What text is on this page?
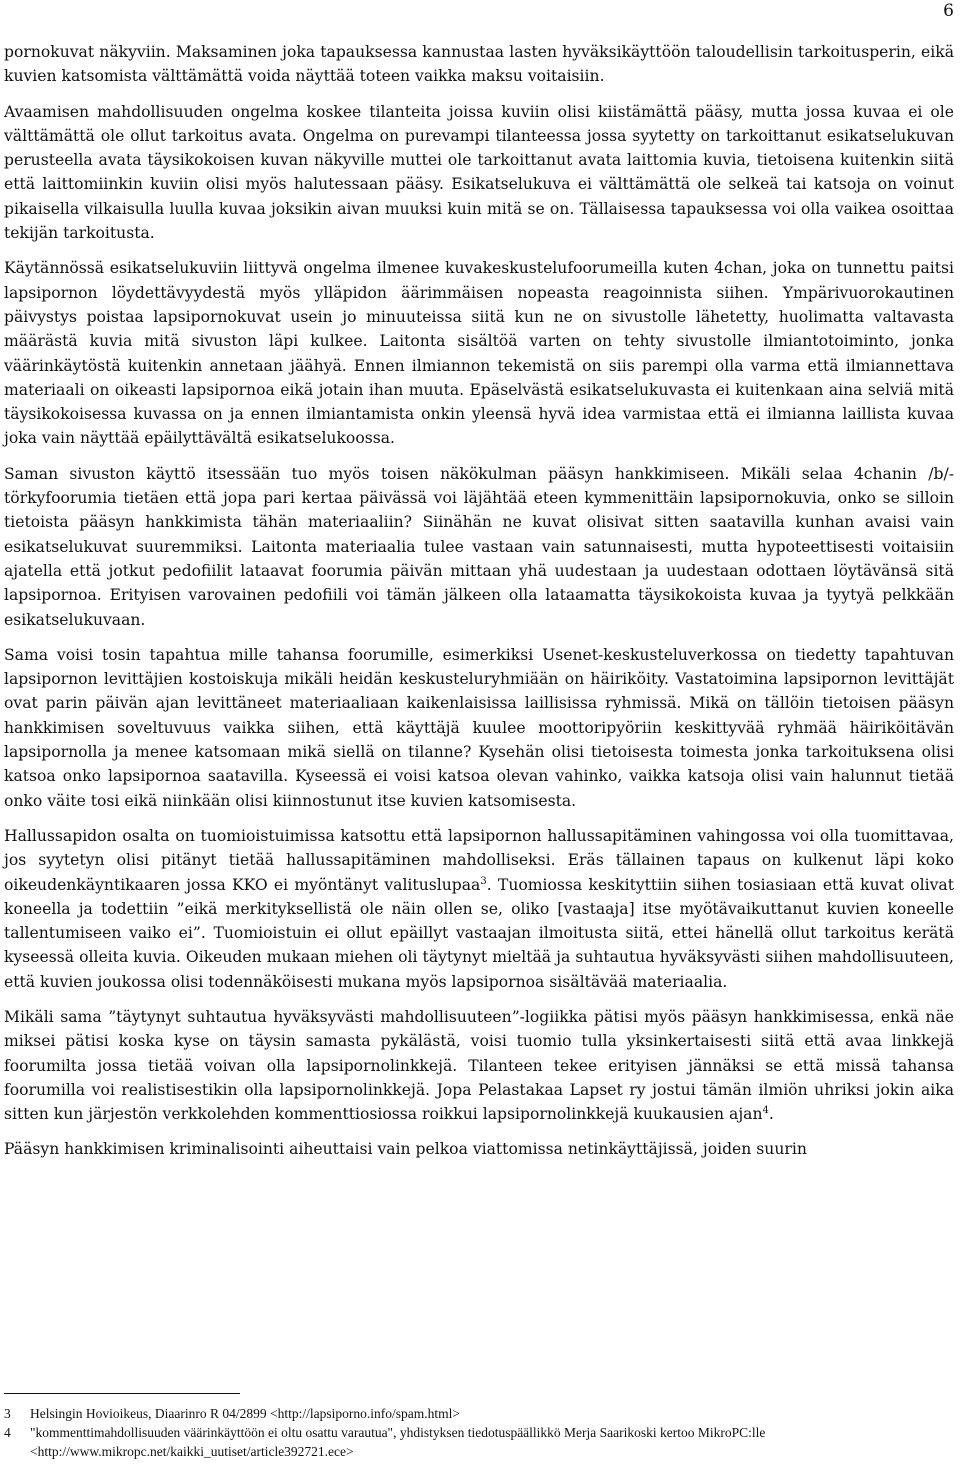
6

pornokuvat näkyviin. Maksaminen joka tapauksessa kannustaa lasten hyväksikäyttöön taloudellisin tarkoitusperin, eikä kuvien katsomista välttämättä voida näyttää toteen vaikka maksu voitaisiin.

Avaamisen mahdollisuuden ongelma koskee tilanteita joissa kuviin olisi kiistämättä pääsy, mutta jossa kuvaa ei ole välttämättä ole ollut tarkoitus avata. Ongelma on purevampi tilanteessa jossa syytetty on tarkoittanut esikatselukuvan perusteella avata täysikokoisen kuvan näkyville muttei ole tarkoittanut avata laittomia kuvia, tietoisena kuitenkin siitä että laittomiinkin kuviin olisi myös halutessaan pääsy. Esikatselukuva ei välttämättä ole selkeä tai katsoja on voinut pikaisella vilkaisulla luulla kuvaa joksikin aivan muuksi kuin mitä se on. Tällaisessa tapauksessa voi olla vaikea osoittaa tekijän tarkoitusta.

Käytännössä esikatselukuviin liittyvä ongelma ilmenee kuvakeskustelufoorumeilla kuten 4chan, joka on tunnettu paitsi lapsipornon löydettävyydestä myös ylläpidon äärimmäisen nopeasta reagoinnista siihen. Ympärivuorokautinen päivystys poistaa lapsipornokuvat usein jo minuuteissa siitä kun ne on sivustolle lähetetty, huolimatta valtavasta määrästä kuvia mitä sivuston läpi kulkee. Laitonta sisältöä varten on tehty sivustolle ilmiantotoiminto, jonka väärinkäytöstä kuitenkin annetaan jäähyä. Ennen ilmiannon tekemistä on siis parempi olla varma että ilmiannettava materiaali on oikeasti lapsipornoa eikä jotain ihan muuta. Epäselvästä esikatselukuvasta ei kuitenkaan aina selviä mitä täysikokoisessa kuvassa on ja ennen ilmiantamista onkin yleensä hyvä idea varmistaa että ei ilmianna laillista kuvaa joka vain näyttää epäilyttävältä esikatselukoossa.

Saman sivuston käyttö itsessään tuo myös toisen näkökulman pääsyn hankkimiseen. Mikäli selaa 4chanin /b/-törkyfoorumia tietäen että jopa pari kertaa päivässä voi läjähtää eteen kymmenittäin lapsipornokuvia, onko se silloin tietoista pääsyn hankkimista tähän materiaaliin? Siinähän ne kuvat olisivat sitten saatavilla kunhan avaisi vain esikatselukuvat suuremmiksi. Laitonta materiaalia tulee vastaan vain satunnaisesti, mutta hypoteettisesti voitaisiin ajatella että jotkut pedofiilit lataavat foorumia päivän mittaan yhä uudestaan ja uudestaan odottaen löytävänsä sitä lapsipornoa. Erityisen varovainen pedofiili voi tämän jälkeen olla lataamatta täysikokoista kuvaa ja tyytyä pelkkään esikatselukuvaan.

Sama voisi tosin tapahtua mille tahansa foorumille, esimerkiksi Usenet-keskusteluverkossa on tiedetty tapahtuvan lapsipornon levittäjien kostoiskuja mikäli heidän keskusteluryhmiään on häiriköity. Vastatoimina lapsipornon levittäjät ovat parin päivän ajan levittäneet materiaaliaan kaikenlaisissa laillisissa ryhmissä. Mikä on tällöin tietoisen pääsyn hankkimisen soveltuvuus vaikka siihen, että käyttäjä kuulee moottoripyöriin keskittyvää ryhmää häiriköitävän lapsipornolla ja menee katsomaan mikä siellä on tilanne? Kysehän olisi tietoisesta toimesta jonka tarkoituksena olisi katsoa onko lapsipornoa saatavilla. Kyseessä ei voisi katsoa olevan vahinko, vaikka katsoja olisi vain halunnut tietää onko väite tosi eikä niinkään olisi kiinnostunut itse kuvien katsomisesta.

Hallussapidon osalta on tuomioistuimissa katsottu että lapsipornon hallussapitäminen vahingossa voi olla tuomittavaa, jos syytetyn olisi pitänyt tietää hallussapitäminen mahdolliseksi. Eräs tällainen tapaus on kulkenut läpi koko oikeudenkäyntikaaren jossa KKO ei myöntänyt valituslupaa$^3$. Tuomiossa keskityttiin siihen tosiasiaan että kuvat olivat koneella ja todettiin ”eikä merkityksellistä ole näin ollen se, oliko [vastaaja] itse myötävaikuttanut kuvien koneelle tallentumiseen vaiko ei”. Tuomioistuin ei ollut epäillyt vastaajan ilmoitusta siitä, ettei hänellä ollut tarkoitus kerätä kyseessä olleita kuvia. Oikeuden mukaan miehen oli täytynyt mieltää ja suhtautua hyväksyvästi siihen mahdollisuuteen, että kuvien joukossa olisi todennäköisesti mukana myös lapsipornoa sisältävää materiaalia.

Mikäli sama ”täytynyt suhtautua hyväksyvästi mahdollisuuteen”-logiikka pätisi myös pääsyn hankkimisessa, enkä näe miksei pätisi koska kyse on täysin samasta pykälästä, voisi tuomio tulla yksinkertaisesti siitä että avaa linkkejä foorumilta jossa tietää voivan olla lapsipornolinkkejä. Tilanteen tekee erityisen jännäksi se että missä tahansa foorumilla voi realistisestikin olla lapsipornolinkkejä. Jopa Pelastakaa Lapset ry jostui tämän ilmiön uhriksi jokin aika sitten kun järjestön verkkolehden kommenttiosiossa roikkui lapsipornolinkkejä kuukausien ajan$^4$.

Pääsyn hankkimisen kriminalisointi aiheuttaisi vain pelkoa viattomissa netinkäyttäjissä, joiden suurin

3	Helsingin Hovioikeus, Diaarinro R 04/2899 <http://lapsiporno.info/spam.html>
4	"kommenttimahdollisuuden väärinkäyttöön ei oltu osattu varautua", yhdistyksen tiedotuspäällikkö Merja Saarikoski kertoo MikroPC:lle <http://www.mikropc.net/kaikki_uutiset/article392721.ece>
